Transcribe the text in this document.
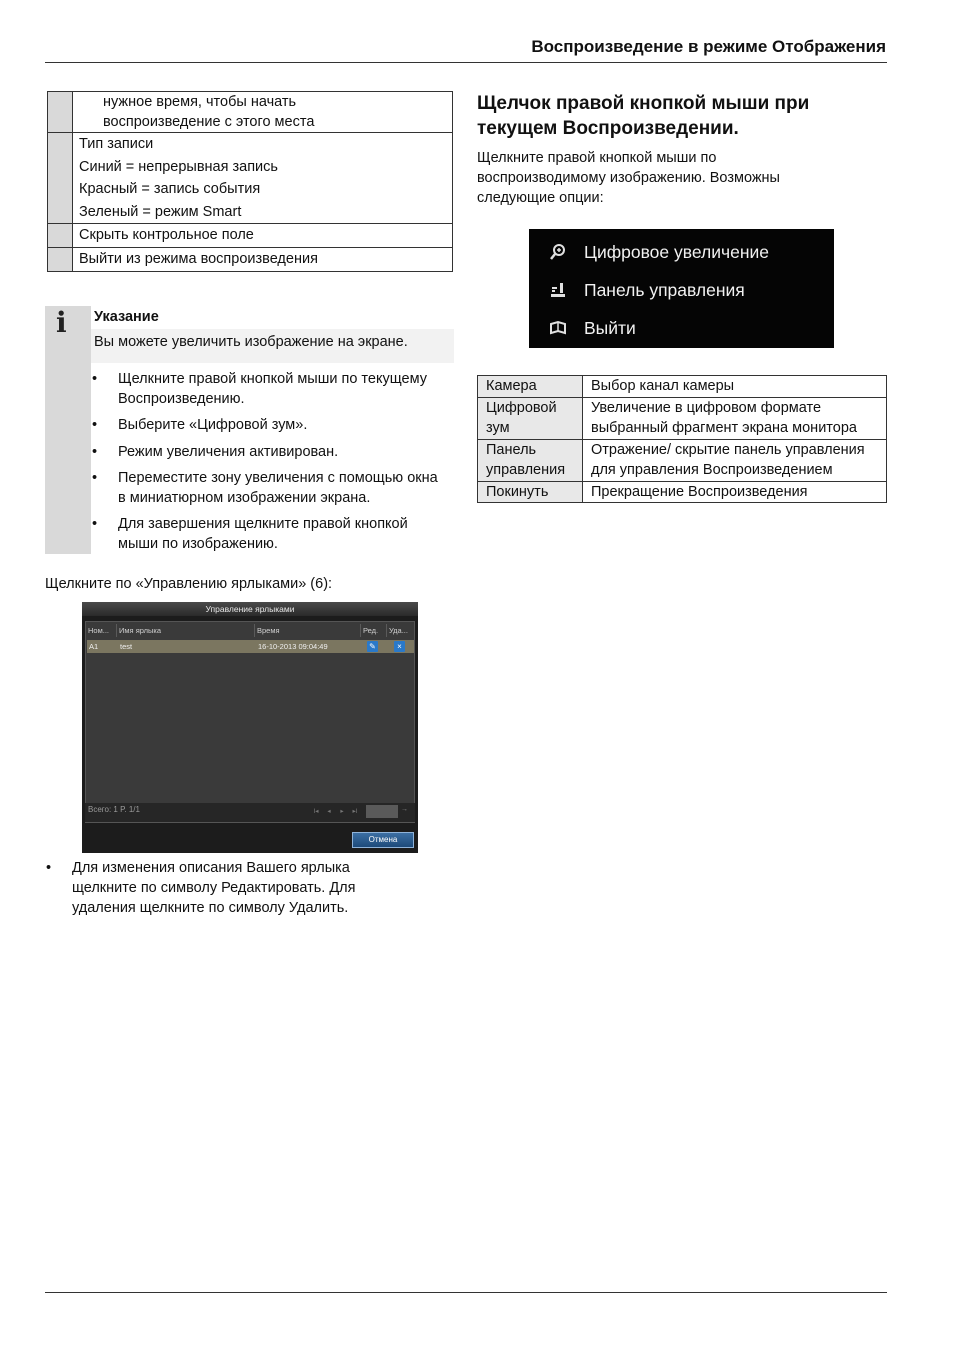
Воспроизведение в режиме Отображения

	нужное время, чтобы начать
воспроизведение с этого места

	Тип записи
Синий = непрерывная запись
Красный = запись события
Зеленый = режим Smart

	Скрыть контрольное поле

	Выйти из режима воспроизведения
i Указание
Вы можете увеличить изображение на экране.
• Щелкните правой кнопкой мыши по текущему Воспроизведению.
• Выберите «Цифровой зум».
• Режим увеличения активирован.
• Переместите зону увеличения с помощью окна в миниатюрном изображении экрана.
• Для завершения щелкните правой кнопкой мыши по изображению.
Щелкните по «Управлению ярлыками» (6):
Управление ярлыками
Ном... Имя ярлыка	Время	Ред. Уда...
A1	test	16-10-2013 09:04:49	✎	×
Всего: 1 P. 1/1	I◂	◂	▸	▸I	→
Отмена
• Для изменения описания Вашего ярлыка щелкните по символу Редактировать. Для удаления щелкните по символу Удалить.
Щелчок правой кнопкой мыши при текущем Воспроизведении.
Щелкните правой кнопкой мыши по воспроизводимому изображению. Возможны следующие опции:
Цифровое увеличение
Панель управления
Выйти
Камера	Выбор канал камеры
Цифровой зум	Увеличение в цифровом формате выбранный фрагмент экрана монитора
Панель управления	Отражение/ скрытие панель управления для управления Воспроизведением
Покинуть	Прекращение Воспроизведения
